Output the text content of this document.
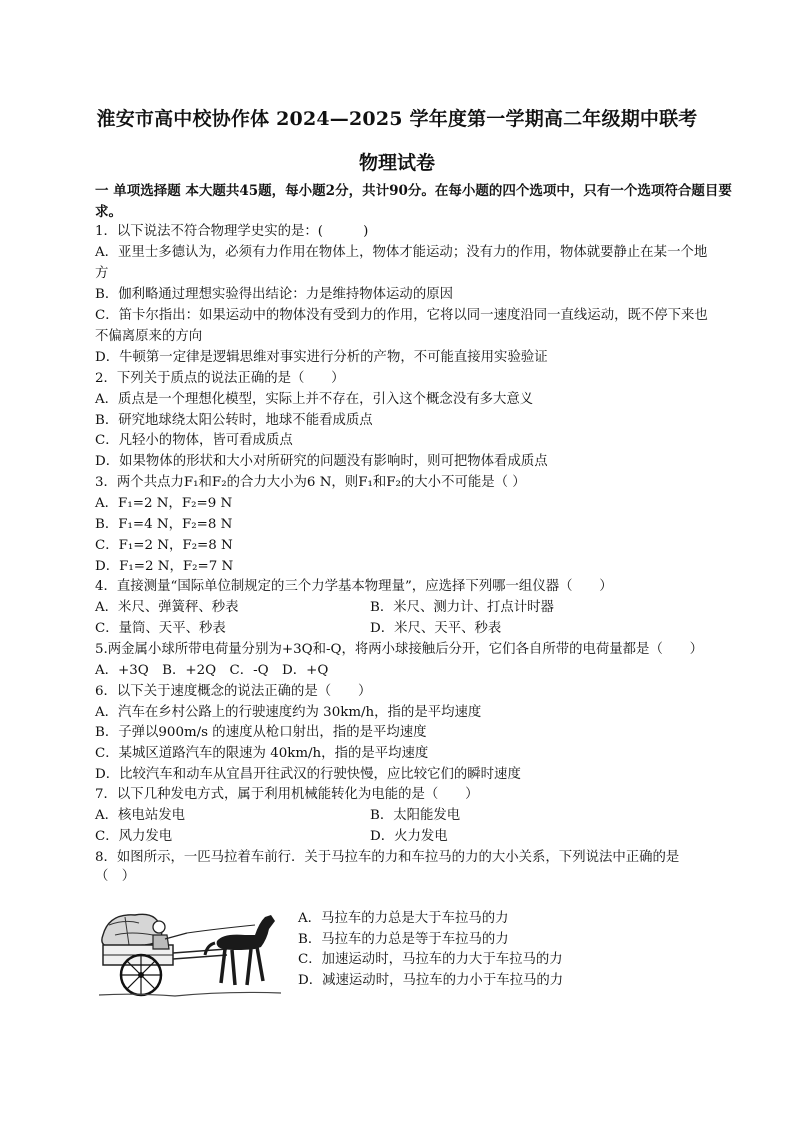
淮安市高中校协作体 2024—2025 学年度第一学期高二年级期中联考
物理试卷
一 单项选择题 本大题共45题，每小题2分，共计90分。在每小题的四个选项中，只有一个选项符合题目要求。
1．以下说法不符合物理学史实的是：(　　　)
A．亚里士多德认为，必须有力作用在物体上，物体才能运动；没有力的作用，物体就要静止在某一个地
方
B．伽利略通过理想实验得出结论：力是维持物体运动的原因
C．笛卡尔指出：如果运动中的物体没有受到力的作用，它将以同一速度沿同一直线运动，既不停下来也
不偏离原来的方向
D．牛顿第一定律是逻辑思维对事实进行分析的产物，不可能直接用实验验证
2．下列关于质点的说法正确的是（　　）
A．质点是一个理想化模型，实际上并不存在，引入这个概念没有多大意义
B．研究地球绕太阳公转时，地球不能看成质点
C．凡轻小的物体，皆可看成质点
D．如果物体的形状和大小对所研究的问题没有影响时，则可把物体看成质点
3．两个共点力F₁和F₂的合力大小为6 N，则F₁和F₂的大小不可能是（ ）
A．F₁=2 N，F₂=9 N
B．F₁=4 N，F₂=8 N
C．F₁=2 N，F₂=8 N
D．F₁=2 N，F₂=7 N
4．直接测量“国际单位制规定的三个力学基本物理量”，应选择下列哪一组仪器（　　）
A．米尺、弹簧秤、秒表	B．米尺、测力计、打点计时器
C．量筒、天平、秒表	D．米尺、天平、秒表
5.两金属小球所带电荷量分别为+3Q和-Q，将两小球接触后分开，它们各自所带的电荷量都是（　　）
A．+3Q　B．+2Q　C．-Q　D．+Q
6．以下关于速度概念的说法正确的是（　　）
A．汽车在乡村公路上的行驶速度约为 30km/h，指的是平均速度
B．子弹以900m/s 的速度从枪口射出，指的是平均速度
C．某城区道路汽车的限速为 40km/h，指的是平均速度
D．比较汽车和动车从宜昌开往武汉的行驶快慢，应比较它们的瞬时速度
7．以下几种发电方式，属于利用机械能转化为电能的是（　　）
A．核电站发电	B．太阳能发电
C．风力发电	D．火力发电
8．如图所示，一匹马拉着车前行．关于马拉车的力和车拉马的力的大小关系，下列说法中正确的是
（　）
A．马拉车的力总是大于车拉马的力
B．马拉车的力总是等于车拉马的力
C．加速运动时，马拉车的力大于车拉马的力
D．减速运动时，马拉车的力小于车拉马的力
